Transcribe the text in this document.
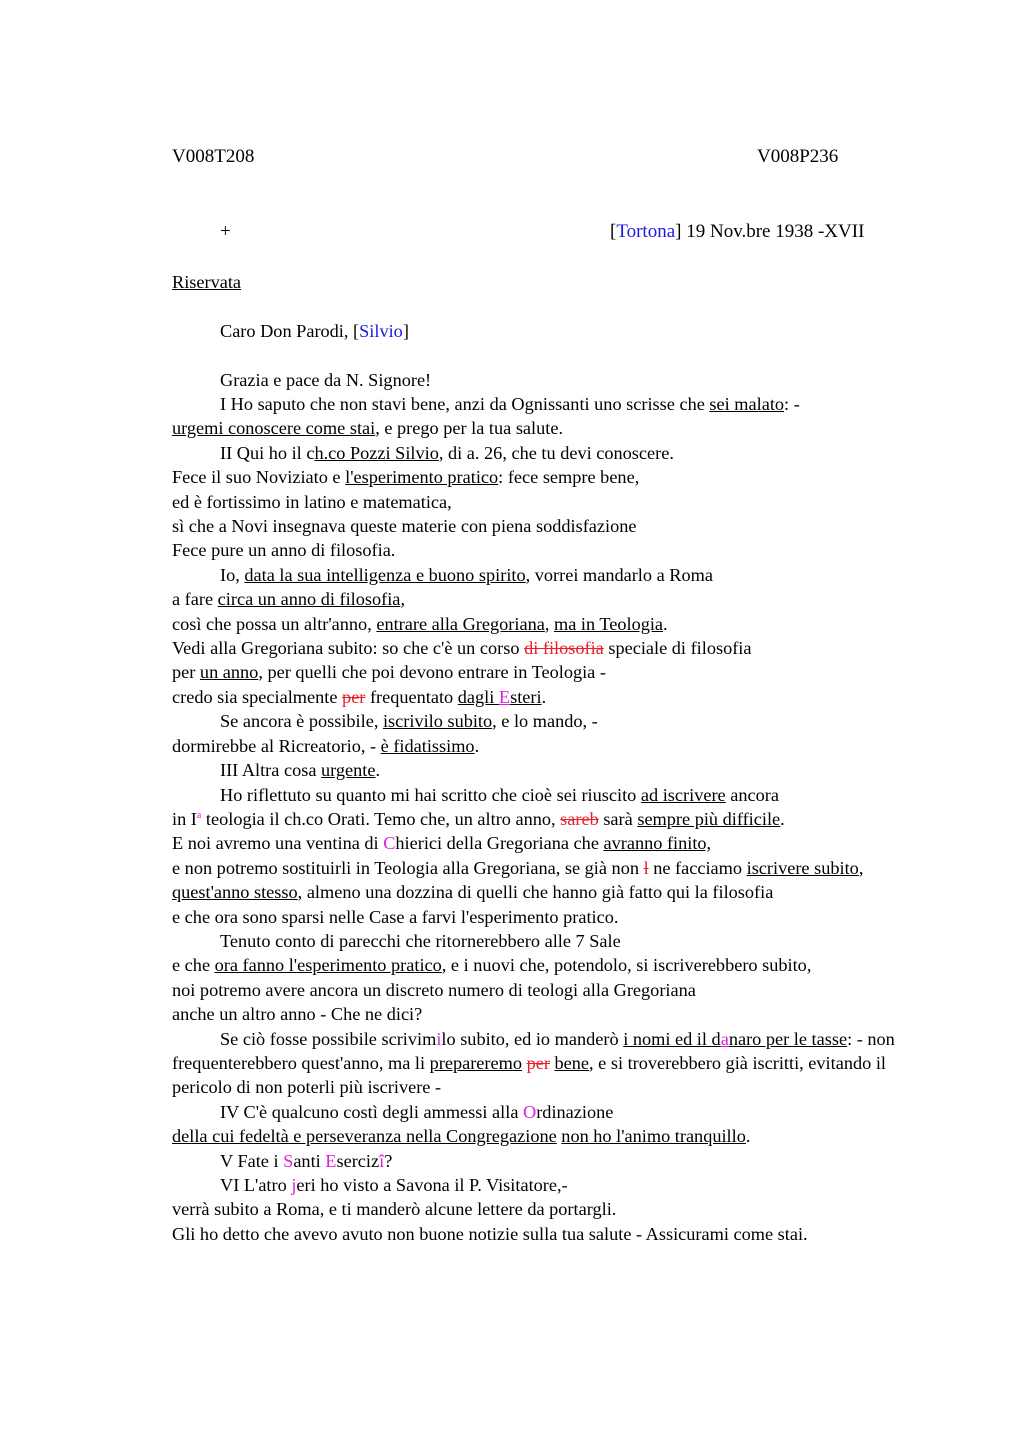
V008T208	V008P236
+	[Tortona] 19 Nov.bre 1938 -XVII

Riservata

Caro Don Parodi, [Silvio]

Grazia e pace da N. Signore!

I Ho saputo che non stavi bene, anzi da Ognissanti uno scrisse che sei malato: -

urgemi conoscere come stai, e prego per la tua salute.

II Qui ho il ch.co Pozzi Silvio, di a. 26, che tu devi conoscere.

Fece il suo Noviziato e l'esperimento pratico: fece sempre bene,

ed è fortissimo in latino e matematica,

sì che a Novi insegnava queste materie con piena soddisfazione

Fece pure un anno di filosofia.

Io, data la sua intelligenza e buono spirito, vorrei mandarlo a Roma

a fare circa un anno di filosofia,

così che possa un altr'anno, entrare alla Gregoriana, ma in Teologia.

Vedi alla Gregoriana subito: so che c'è un corso di filosofia speciale di filosofia

per un anno, per quelli che poi devono entrare in Teologia -

credo sia specialmente per frequentato dagli Esteri.

Se ancora è possibile, iscrivilo subito, e lo mando, -

dormirebbe al Ricreatorio, - è fidatissimo.

III Altra cosa urgente.

Ho riflettuto su quanto mi hai scritto che cioè sei riuscito ad iscrivere ancora

in $I^a$ teologia il ch.co Orati. Temo che, un altro anno, sareb sarà sempre più difficile.

E noi avremo una ventina di Chierici della Gregoriana che avranno finito,

e non potremo sostituirli in Teologia alla Gregoriana, se già non l ne facciamo iscrivere subito, quest'anno stesso, almeno una dozzina di quelli che hanno già fatto qui la filosofia

e che ora sono sparsi nelle Case a farvi l'esperimento pratico.

Tenuto conto di parecchi che ritornerebbero alle 7 Sale

e che ora fanno l'esperimento pratico, e i nuovi che, potendolo, si iscriverebbero subito,

noi potremo avere ancora un discreto numero di teologi alla Gregoriana

anche un altro anno - Che ne dici?

Se ciò fosse possibile scrivimilo subito, ed io manderò i nomi ed il danaro per le tasse: - non frequenterebbero quest'anno, ma li prepareremo per bene, e si troverebbero già iscritti, evitando il pericolo di non poterli più iscrivere -

IV C'è qualcuno costì degli ammessi alla Ordinazione

della cui fedeltà e perseveranza nella Congregazione non ho l'animo tranquillo.

V Fate i Santi Esercizî?

VI L'atro jeri ho visto a Savona il P. Visitatore,-

verrà subito a Roma, e ti manderò alcune lettere da portargli.

Gli ho detto che avevo avuto non buone notizie sulla tua salute - Assicurami come stai.
